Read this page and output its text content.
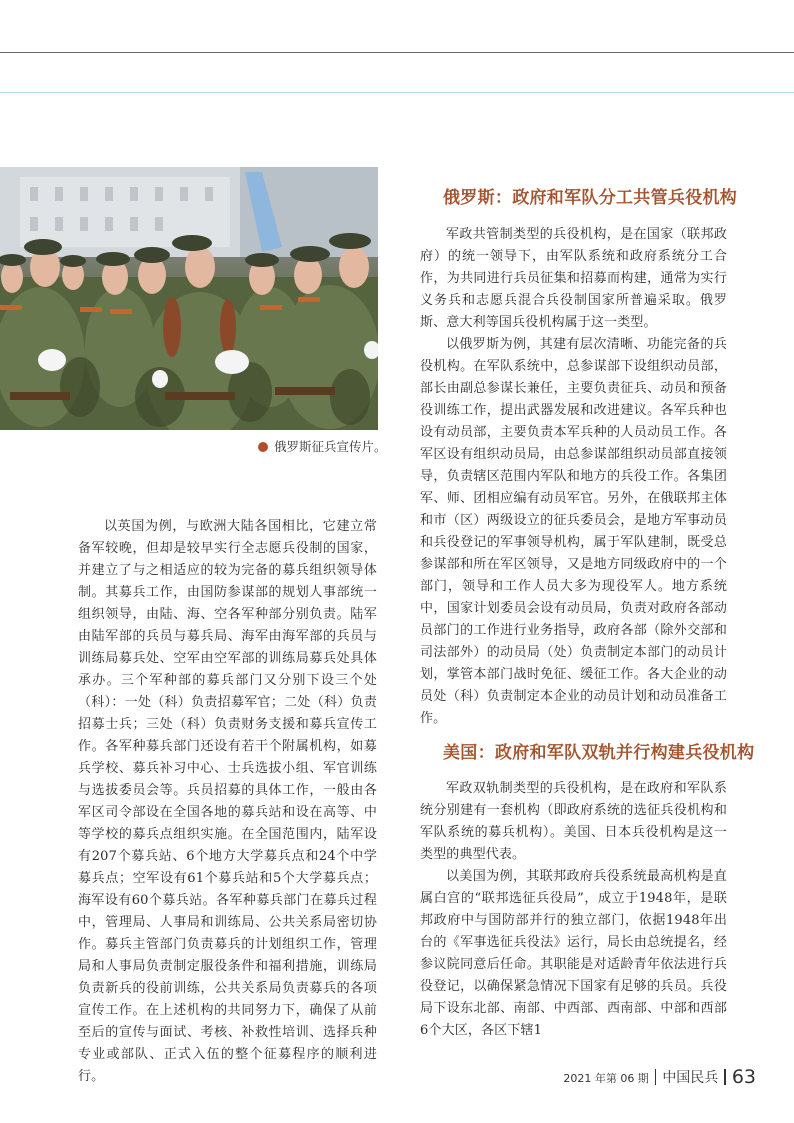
俄罗斯征兵宣传片。

以英国为例，与欧洲大陆各国相比，它建立常备军较晚，但却是较早实行全志愿兵役制的国家，并建立了与之相适应的较为完备的募兵组织领导体制。其募兵工作，由国防参谋部的规划人事部统一组织领导，由陆、海、空各军种部分别负责。陆军由陆军部的兵员与募兵局、海军由海军部的兵员与训练局募兵处、空军由空军部的训练局募兵处具体承办。三个军种部的募兵部门又分别下设三个处（科）：一处（科）负责招募军官；二处（科）负责招募士兵；三处（科）负责财务支援和募兵宣传工作。各军种募兵部门还设有若干个附属机构，如募兵学校、募兵补习中心、士兵选拔小组、军官训练与选拔委员会等。兵员招募的具体工作，一般由各军区司令部设在全国各地的募兵站和设在高等、中等学校的募兵点组织实施。在全国范围内，陆军设有207个募兵站、6个地方大学募兵点和24个中学募兵点；空军设有61个募兵站和5个大学募兵点；海军设有60个募兵站。各军种募兵部门在募兵过程中，管理局、人事局和训练局、公共关系局密切协作。募兵主管部门负责募兵的计划组织工作，管理局和人事局负责制定服役条件和福利措施，训练局负责新兵的役前训练，公共关系局负责募兵的各项宣传工作。在上述机构的共同努力下，确保了从前至后的宣传与面试、考核、补救性培训、选择兵种专业或部队、正式入伍的整个征募程序的顺利进行。

俄罗斯：政府和军队分工共管兵役机构

军政共管制类型的兵役机构，是在国家（联邦政府）的统一领导下，由军队系统和政府系统分工合作，为共同进行兵员征集和招募而构建，通常为实行义务兵和志愿兵混合兵役制国家所普遍采取。俄罗斯、意大利等国兵役机构属于这一类型。

以俄罗斯为例，其建有层次清晰、功能完备的兵役机构。在军队系统中，总参谋部下设组织动员部，部长由副总参谋长兼任，主要负责征兵、动员和预备役训练工作，提出武器发展和改进建议。各军兵种也设有动员部，主要负责本军兵种的人员动员工作。各军区设有组织动员局，由总参谋部组织动员部直接领导，负责辖区范围内军队和地方的兵役工作。各集团军、师、团相应编有动员军官。另外，在俄联邦主体和市（区）两级设立的征兵委员会，是地方军事动员和兵役登记的军事领导机构，属于军队建制，既受总参谋部和所在军区领导，又是地方同级政府中的一个部门，领导和工作人员大多为现役军人。地方系统中，国家计划委员会设有动员局，负责对政府各部动员部门的工作进行业务指导，政府各部（除外交部和司法部外）的动员局（处）负责制定本部门的动员计划，掌管本部门战时免征、缓征工作。各大企业的动员处（科）负责制定本企业的动员计划和动员准备工作。

美国：政府和军队双轨并行构建兵役机构

军政双轨制类型的兵役机构，是在政府和军队系统分别建有一套机构（即政府系统的选征兵役机构和军队系统的募兵机构）。美国、日本兵役机构是这一类型的典型代表。

以美国为例，其联邦政府兵役系统最高机构是直属白宫的“联邦选征兵役局”，成立于1948年，是联邦政府中与国防部并行的独立部门，依据1948年出台的《军事选征兵役法》运行，局长由总统提名，经参议院同意后任命。其职能是对适龄青年依法进行兵役登记，以确保紧急情况下国家有足够的兵员。兵役局下设东北部、南部、中西部、西南部、中部和西部6个大区，各区下辖1

2021 年第 06 期 中国民兵 63
